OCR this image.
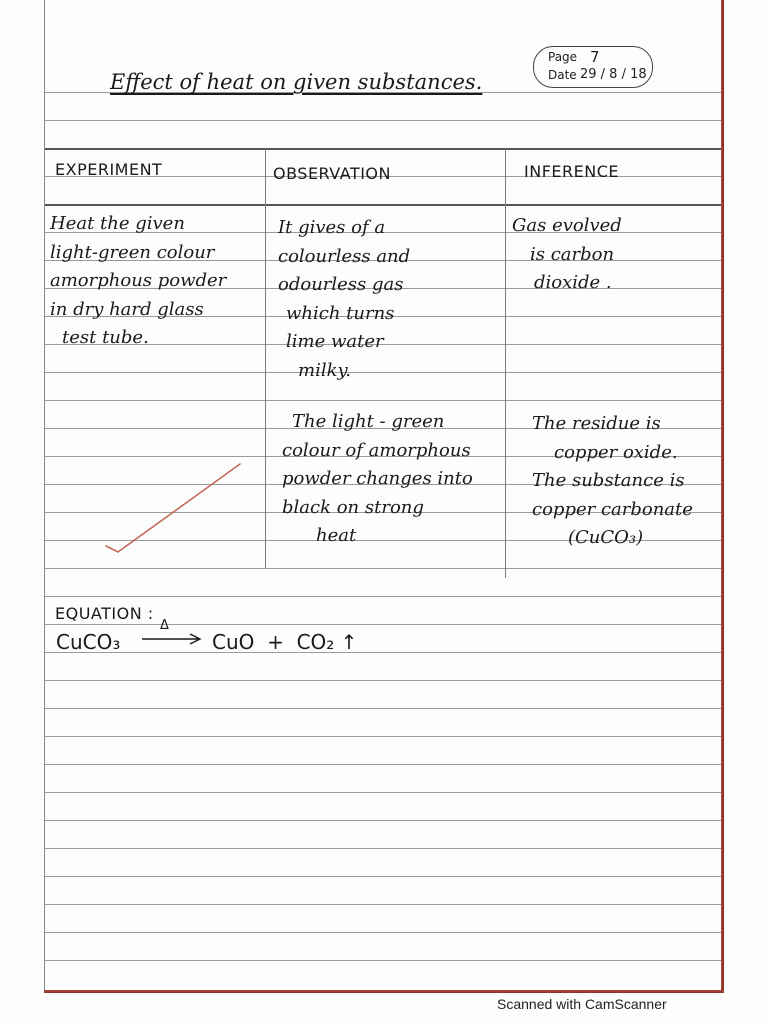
Page 7
Date 29 / 8 / 18
Effect of heat on given substances.
EXPERIMENT	OBSERVATION	INFERENCE
Heat the given
light-green colour
amorphous powder
in dry hard glass
test tube.
It gives of a
colourless and
odourless gas
which turns
lime water
milky.
Gas evolved
is carbon
dioxide .
The light - green
colour of amorphous
powder changes into
black on strong
heat
The residue is
copper oxide.
The substance is
copper carbonate
(CuCO₃)
EQUATION :
CuCO₃
Δ
→ CuO  +  CO₂ ↑
Scanned with CamScanner
